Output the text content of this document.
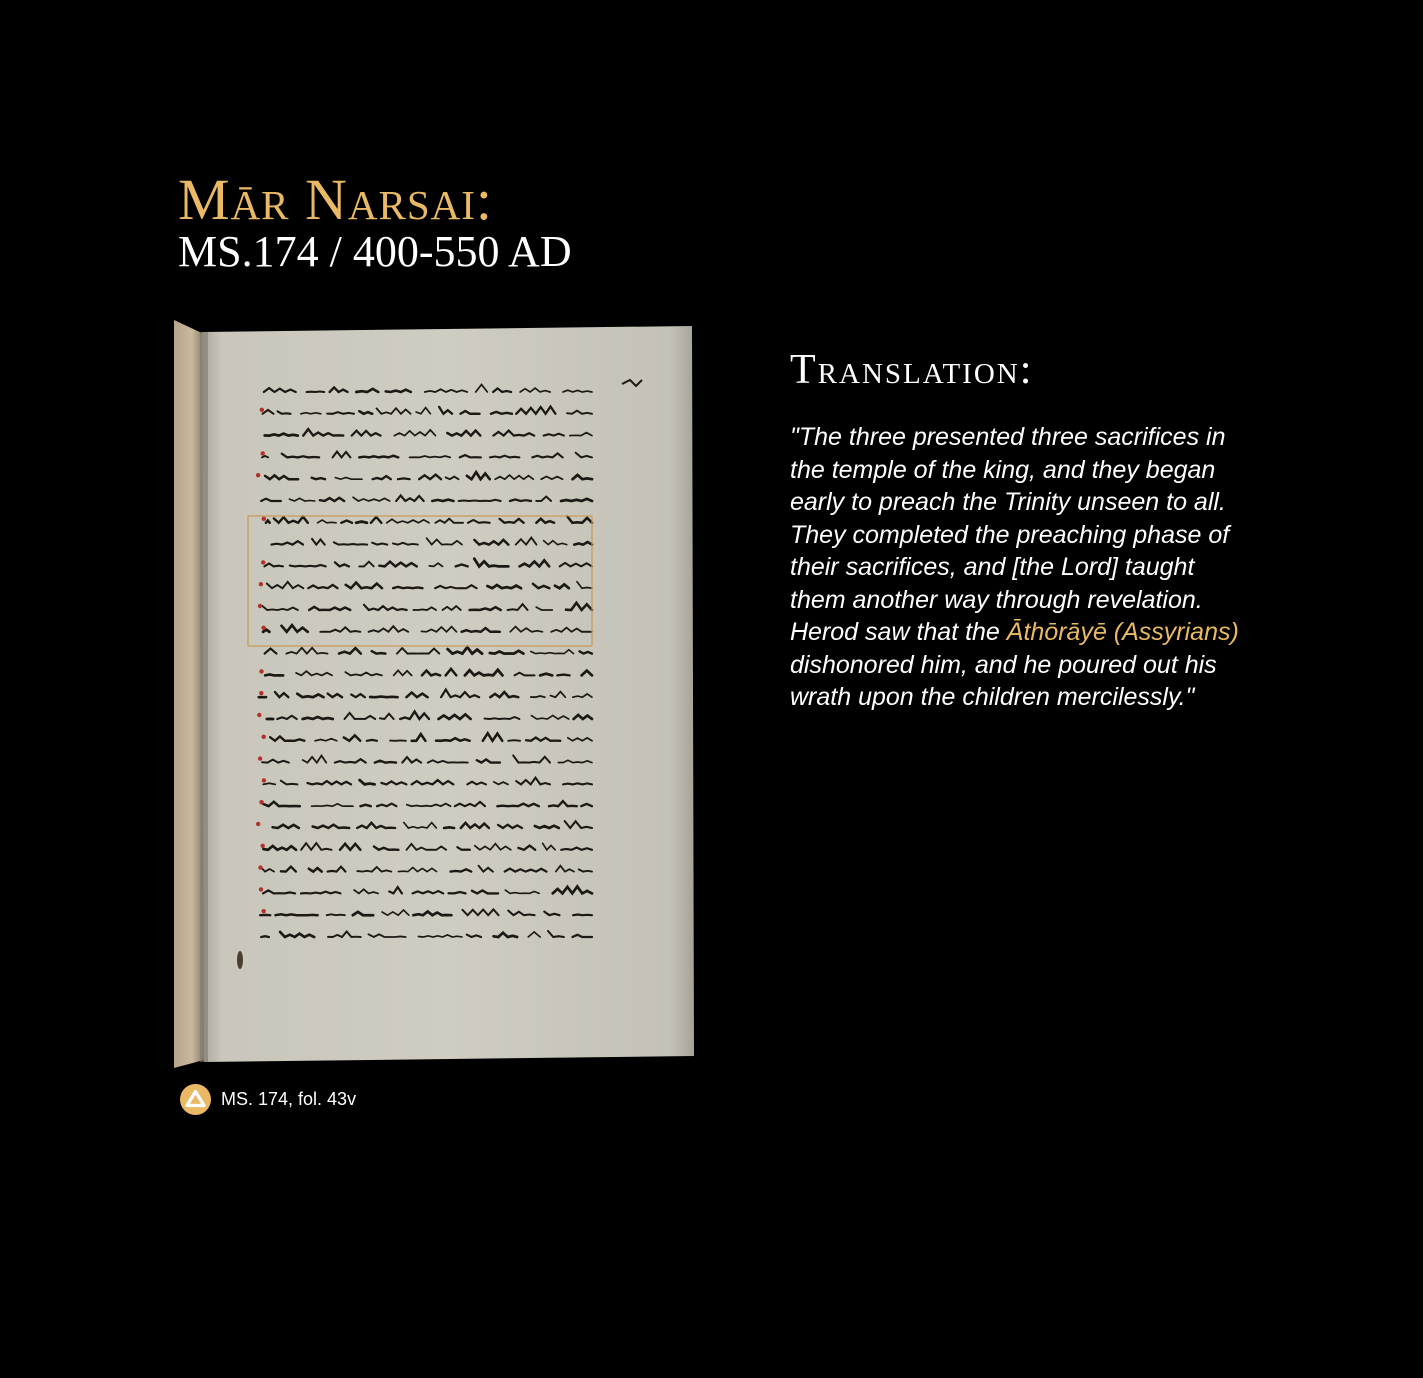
Mār Narsai:
MS.174 / 400-550 AD
MS. 174, fol. 43v
Translation:
"The three presented three sacrifices in the temple of the king, and they began early to preach the Trinity unseen to all. They completed the preaching phase of their sacrifices, and [the Lord] taught them another way through revelation. Herod saw that the Āthōrāyē (Assyrians) dishonored him, and he poured out his wrath upon the children mercilessly."
